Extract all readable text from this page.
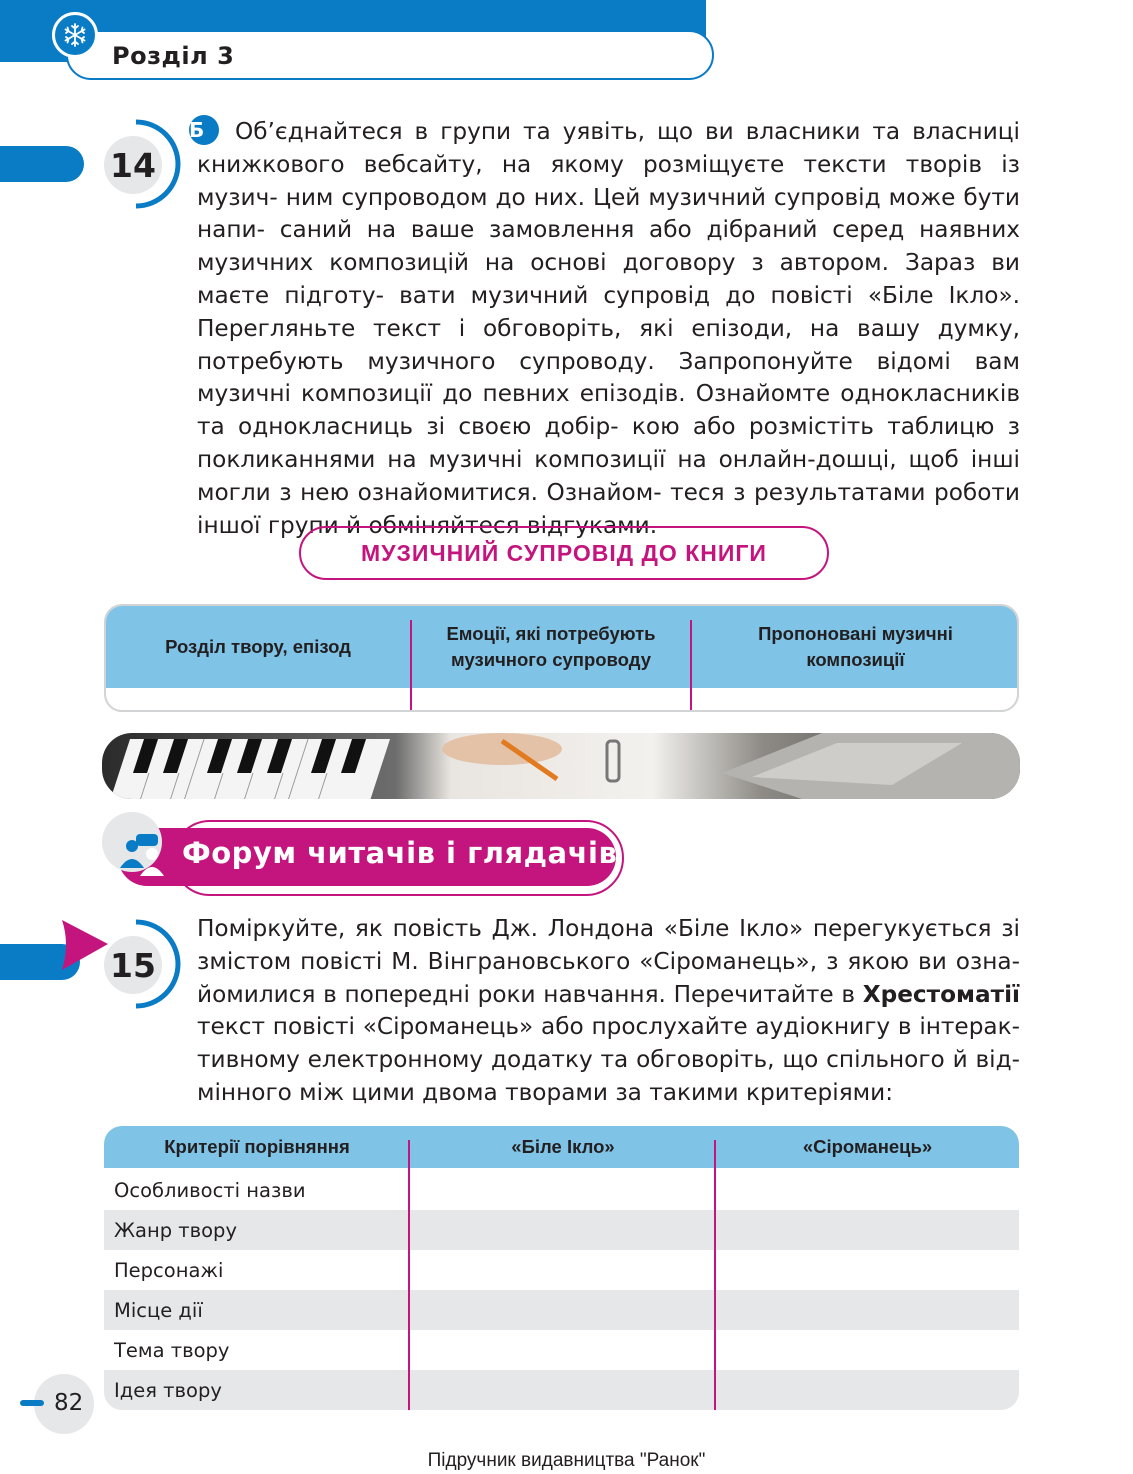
Розділ 3
14
Б Об’єднайтеся в групи та уявіть, що ви власники та власниці книжкового вебсайту, на якому розміщуєте тексти творів із музич- ним супроводом до них. Цей музичний супровід може бути напи- саний на ваше замовлення або дібраний серед наявних музичних композицій на основі договору з автором. Зараз ви маєте підготу- вати музичний супровід до повісті «Біле Ікло». Перегляньте текст і обговоріть, які епізоди, на вашу думку, потребують музичного супроводу. Запропонуйте відомі вам музичні композиції до певних епізодів. Ознайомте однокласників та однокласниць зі своєю добір- кою або розмістіть таблицю з покликаннями на музичні композиції на онлайн-дошці, щоб інші могли з нею ознайомитися. Ознайом- теся з результатами роботи іншої групи й обміняйтеся відгуками.
МУЗИЧНИЙ СУПРОВІД ДО КНИГИ
Розділ твору, епізод
Емоції, які потребують музичного супроводу
Пропоновані музичні композиції
Форум читачів і глядачів
15
Поміркуйте, як повість Дж. Лондона «Біле Ікло» перегукується зі змістом повісті М. Вінграновського «Сіроманець», з якою ви озна- йомилися в попередні роки навчання. Перечитайте в Хрестоматії текст повісті «Сіроманець» або прослухайте аудіокнигу в інтерак- тивному електронному додатку та обговоріть, що спільного й від- мінного між цими двома творами за такими критеріями:
Критерії порівняння	«Біле Ікло»	«Сіроманець»
Особливості назви
Жанр твору
Персонажі
Місце дії
Тема твору
Ідея твору
82
Підручник видавництва "Ранок"
